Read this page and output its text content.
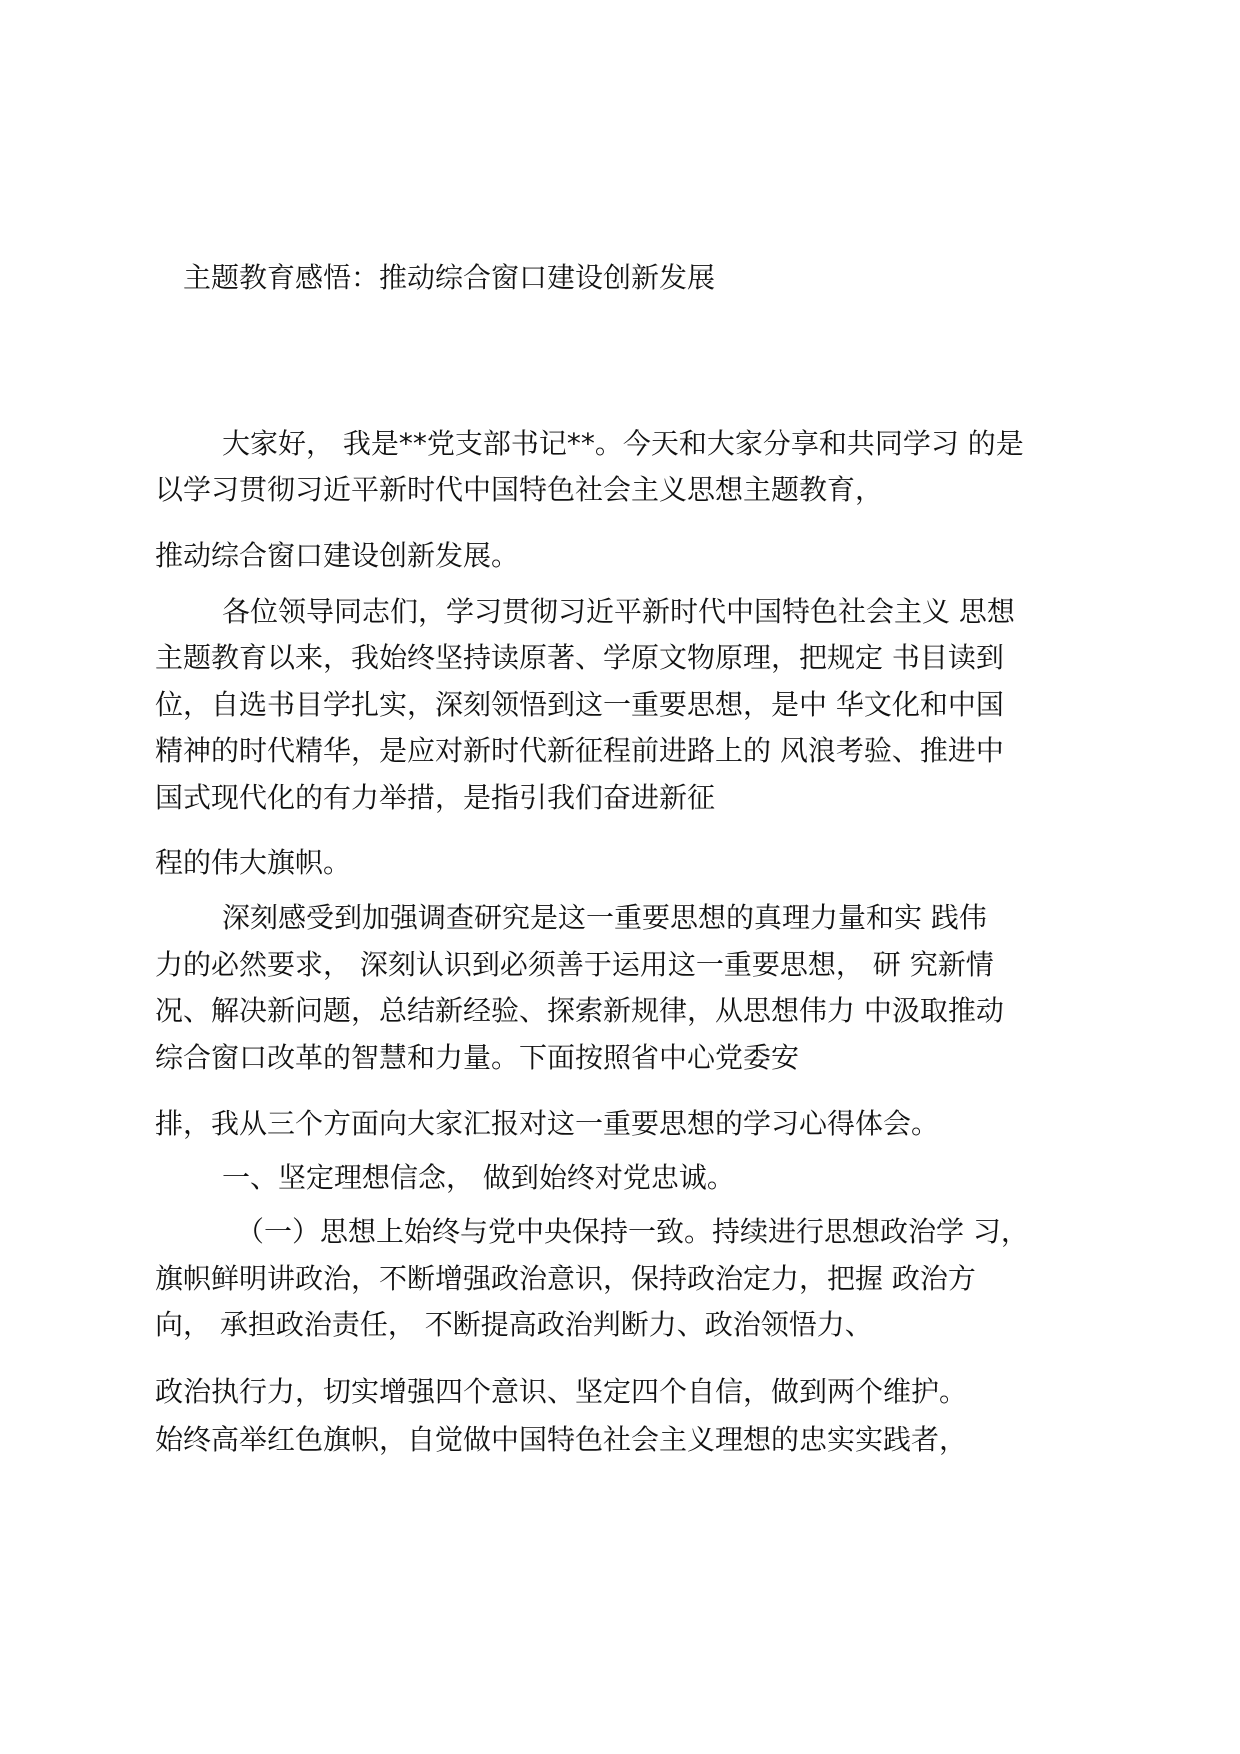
主题教育感悟：推动综合窗口建设创新发展
大家好， 我是**党支部书记**。今天和大家分享和共同学习 的是
以学习贯彻习近平新时代中国特色社会主义思想主题教育，
推动综合窗口建设创新发展。
各位领导同志们，学习贯彻习近平新时代中国特色社会主义 思想
主题教育以来，我始终坚持读原著、学原文物原理，把规定 书目读到
位，自选书目学扎实，深刻领悟到这一重要思想，是中 华文化和中国
精神的时代精华，是应对新时代新征程前进路上的 风浪考验、推进中
国式现代化的有力举措，是指引我们奋进新征
程的伟大旗帜。
深刻感受到加强调查研究是这一重要思想的真理力量和实 践伟
力的必然要求， 深刻认识到必须善于运用这一重要思想， 研 究新情
况、解决新问题，总结新经验、探索新规律，从思想伟力 中汲取推动
综合窗口改革的智慧和力量。下面按照省中心党委安
排，我从三个方面向大家汇报对这一重要思想的学习心得体会。
一、坚定理想信念， 做到始终对党忠诚。
（一）思想上始终与党中央保持一致。持续进行思想政治学 习，
旗帜鲜明讲政治，不断增强政治意识，保持政治定力，把握 政治方
向， 承担政治责任， 不断提高政治判断力、政治领悟力、
政治执行力，切实增强四个意识、坚定四个自信，做到两个维护。
始终高举红色旗帜，自觉做中国特色社会主义理想的忠实实践者，
